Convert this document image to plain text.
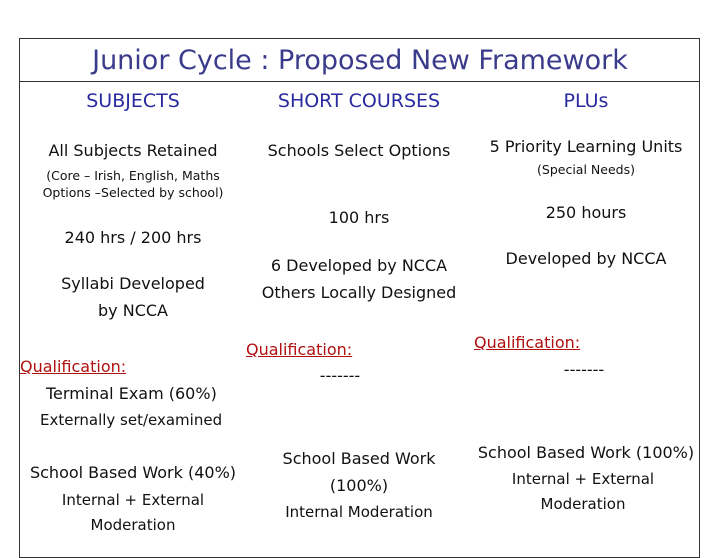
Junior Cycle : Proposed New Framework
SUBJECTS
All Subjects Retained
(Core – Irish, English, Maths
Options –Selected by school)
240 hrs / 200 hrs
Syllabi Developed
by NCCA
Qualification:
Terminal Exam (60%)
Externally set/examined
School Based Work (40%)
Internal + External
Moderation
SHORT COURSES
Schools Select Options
100 hrs
6 Developed by NCCA
Others Locally Designed
Qualification:
-------
School Based Work
(100%)
Internal Moderation
PLUs
5 Priority Learning Units
(Special Needs)
250 hours
Developed by NCCA
Qualification:
-------
School Based Work (100%)
Internal + External
Moderation
